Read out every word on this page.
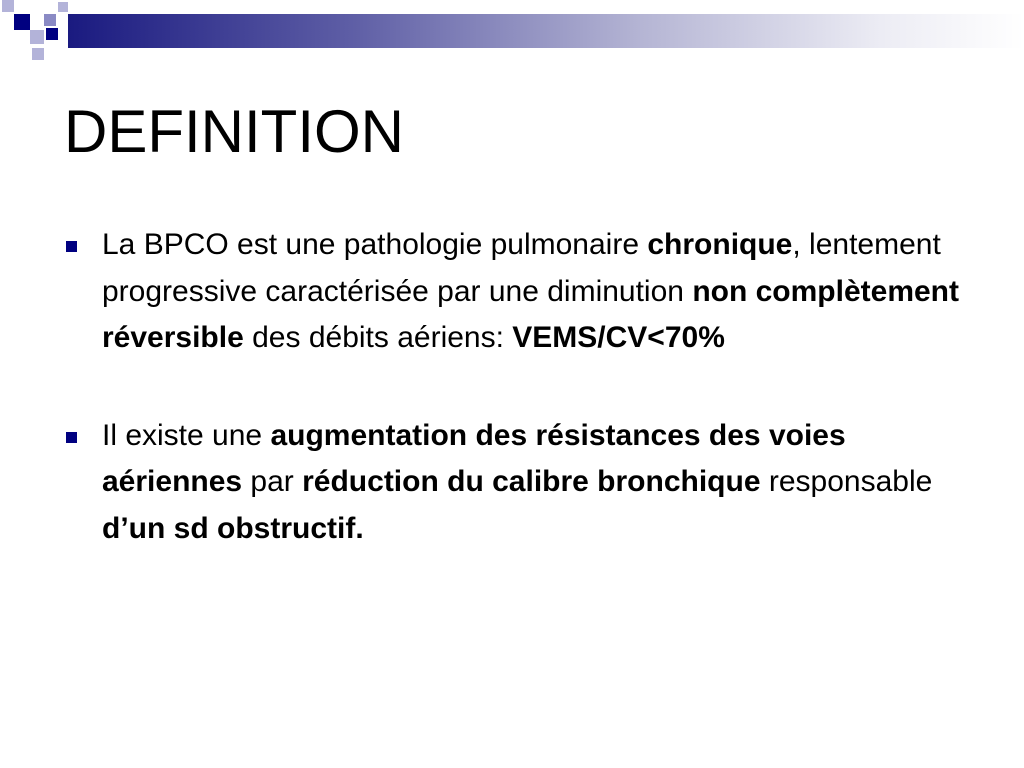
DEFINITION
La BPCO est une pathologie pulmonaire chronique, lentement progressive caractérisée par une diminution non complètement réversible des débits aériens: VEMS/CV<70%
Il existe une augmentation des résistances des voies aériennes par réduction du calibre bronchique responsable d’un sd obstructif.
